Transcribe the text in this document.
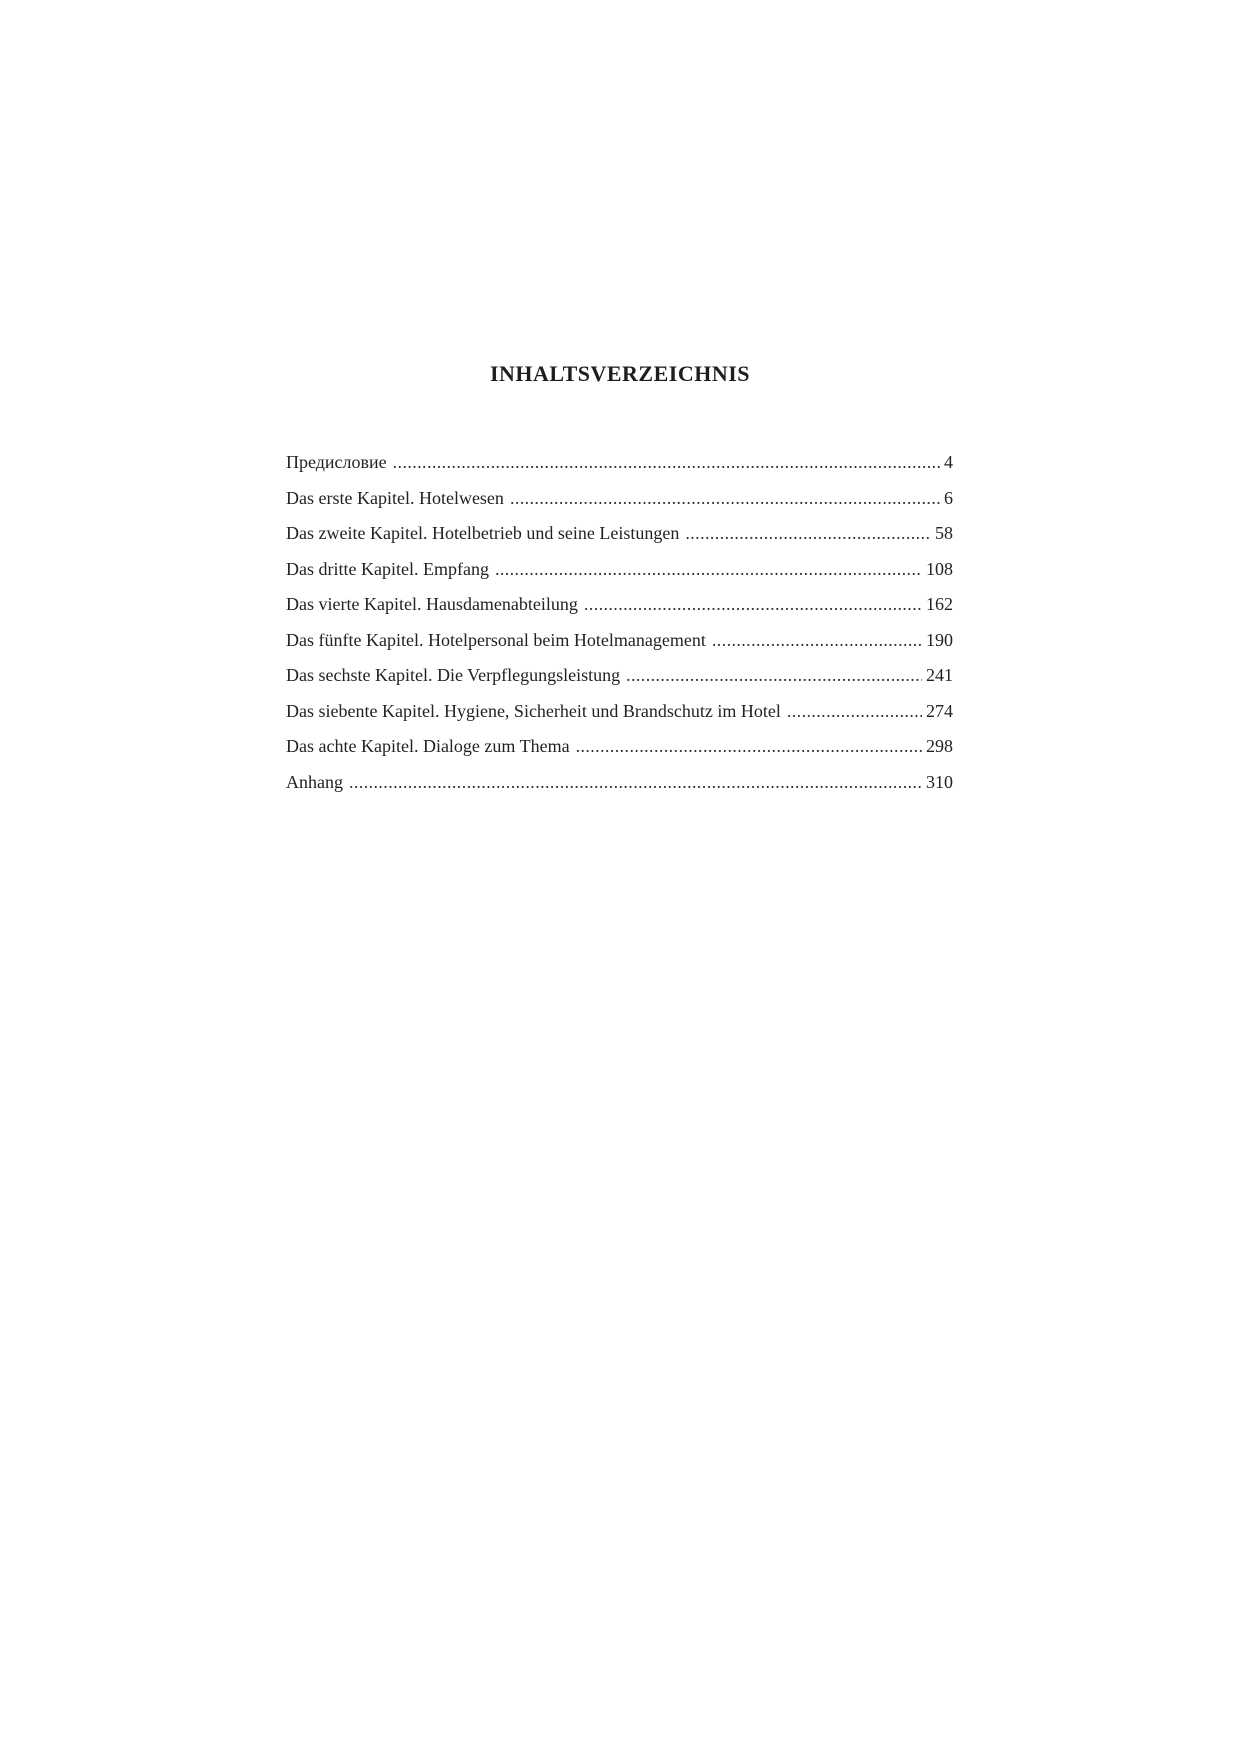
INHALTSVERZEICHNIS
Предисловие .....	4
Das erste Kapitel. Hotelwesen .....	6
Das zweite Kapitel. Hotelbetrieb und seine Leistungen .....	58
Das dritte Kapitel. Empfang .....	108
Das vierte Kapitel. Hausdamenabteilung .....	162
Das fünfte Kapitel. Hotelpersonal beim Hotelmanagement .....	190
Das sechste Kapitel. Die Verpflegungsleistung .....	241
Das siebente Kapitel. Hygiene, Sicherheit und Brandschutz im Hotel .....	274
Das achte Kapitel. Dialoge zum Thema .....	298
Anhang .....	310
